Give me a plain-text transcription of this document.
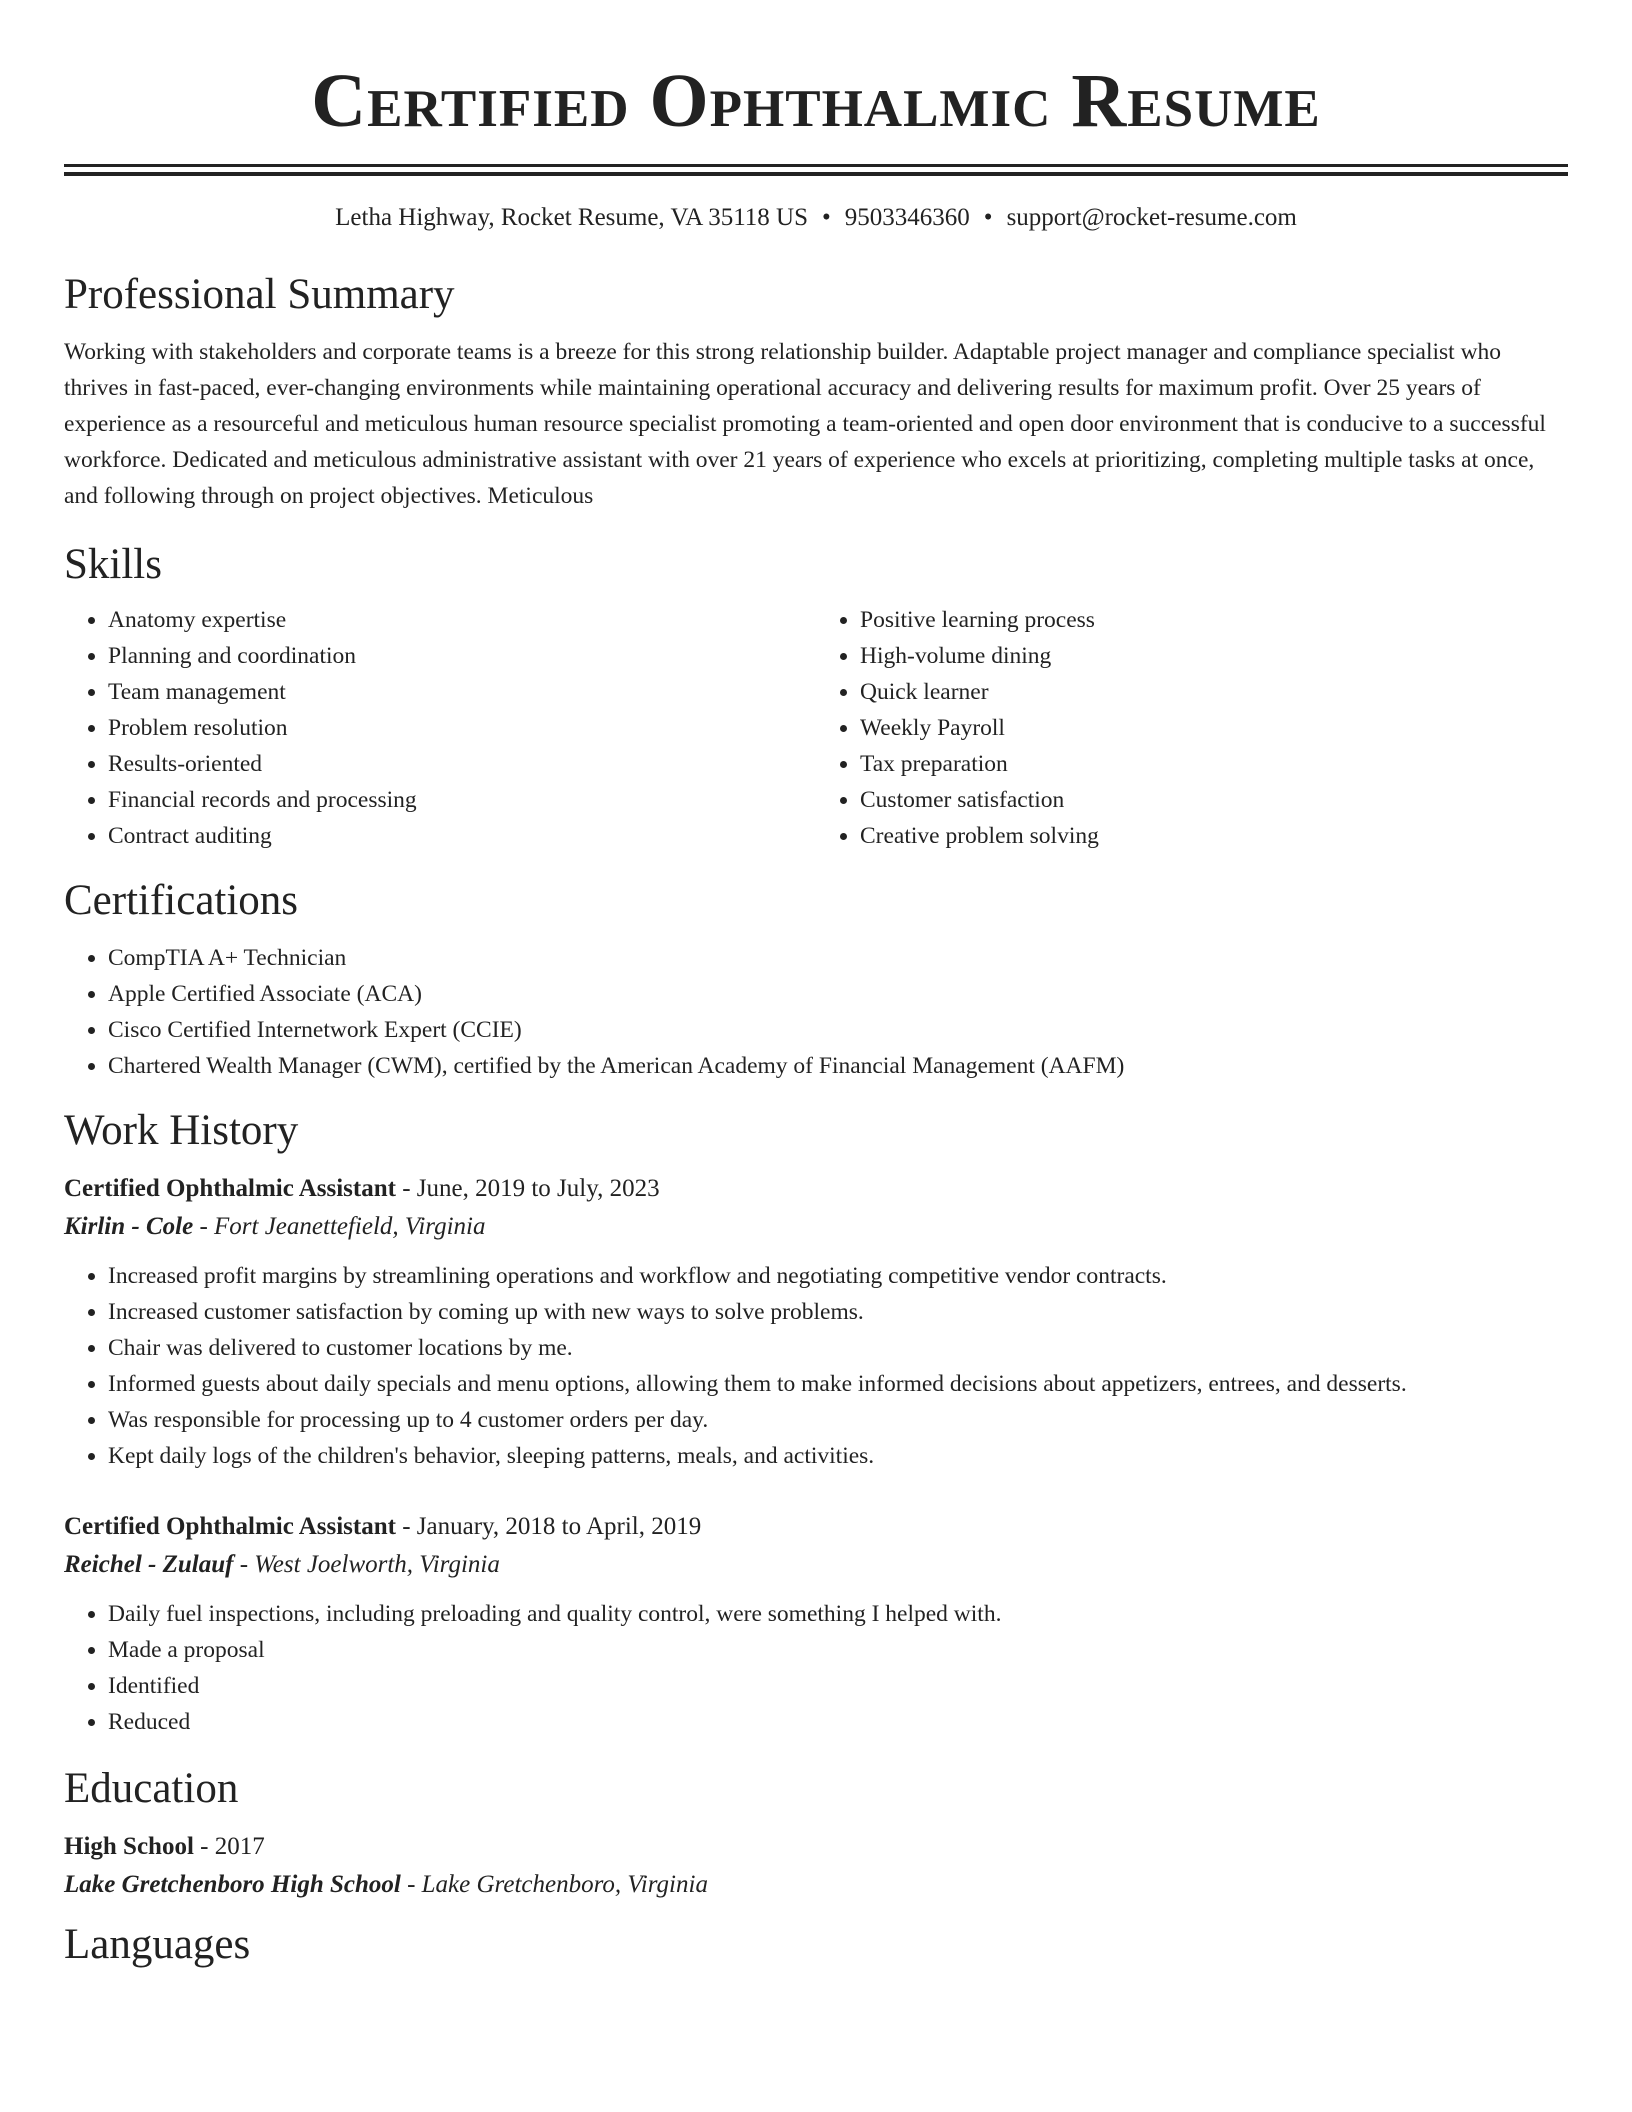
Certified Ophthalmic Resume
Letha Highway, Rocket Resume, VA 35118 US • 9503346360 • support@rocket-resume.com
Professional Summary

Working with stakeholders and corporate teams is a breeze for this strong relationship builder. Adaptable project manager and compliance specialist who thrives in fast-paced, ever-changing environments while maintaining operational accuracy and delivering results for maximum profit. Over 25 years of experience as a resourceful and meticulous human resource specialist promoting a team-oriented and open door environment that is conducive to a successful workforce. Dedicated and meticulous administrative assistant with over 21 years of experience who excels at prioritizing, completing multiple tasks at once, and following through on project objectives. Meticulous

Skills
• Anatomy expertise
• Planning and coordination
• Team management
• Problem resolution
• Results-oriented
• Financial records and processing
• Contract auditing
• Positive learning process
• High-volume dining
• Quick learner
• Weekly Payroll
• Tax preparation
• Customer satisfaction
• Creative problem solving
Certifications
• CompTIA A+ Technician
• Apple Certified Associate (ACA)
• Cisco Certified Internetwork Expert (CCIE)
• Chartered Wealth Manager (CWM), certified by the American Academy of Financial Management (AAFM)
Work History
Certified Ophthalmic Assistant - June, 2019 to July, 2023
Kirlin - Cole - Fort Jeanettefield, Virginia
• Increased profit margins by streamlining operations and workflow and negotiating competitive vendor contracts.
• Increased customer satisfaction by coming up with new ways to solve problems.
• Chair was delivered to customer locations by me.
• Informed guests about daily specials and menu options, allowing them to make informed decisions about appetizers, entrees, and desserts.
• Was responsible for processing up to 4 customer orders per day.
• Kept daily logs of the children's behavior, sleeping patterns, meals, and activities.
Certified Ophthalmic Assistant - January, 2018 to April, 2019
Reichel - Zulauf - West Joelworth, Virginia
• Daily fuel inspections, including preloading and quality control, were something I helped with.
• Made a proposal
• Identified
• Reduced
Education
High School - 2017
Lake Gretchenboro High School - Lake Gretchenboro, Virginia
Languages
